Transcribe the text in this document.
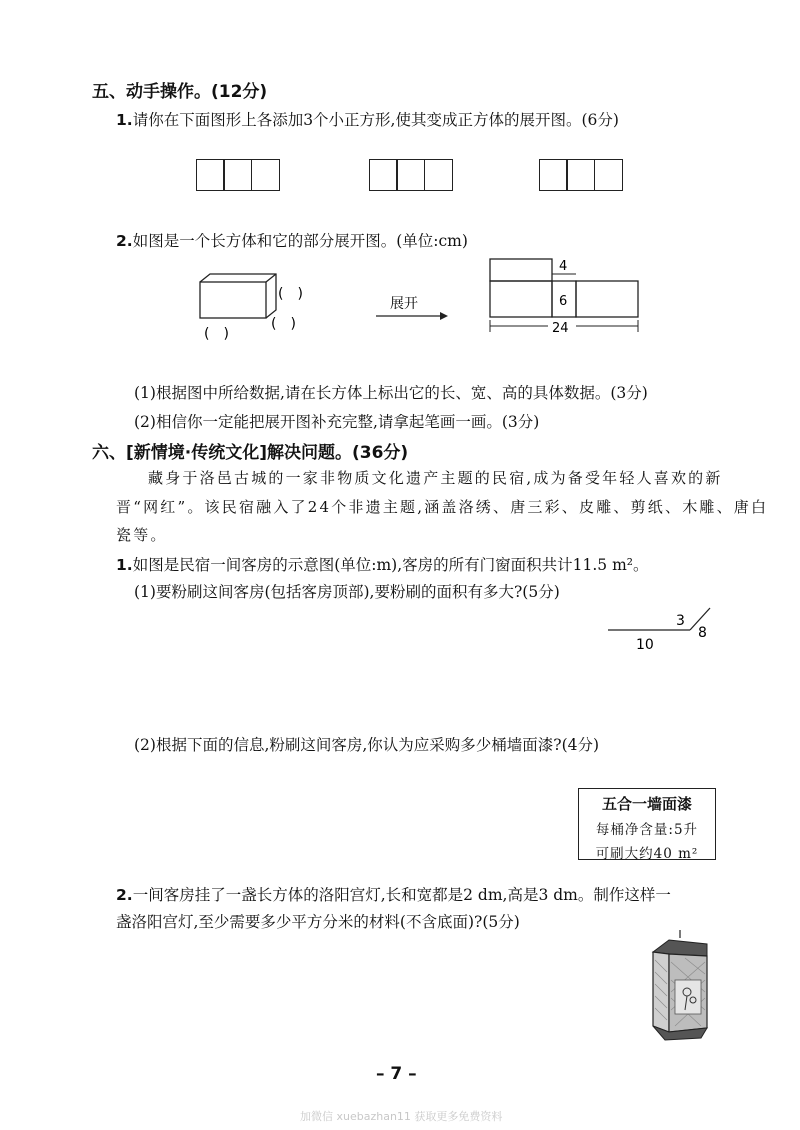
五、动手操作。(12分)
1.请你在下面图形上各添加3个小正方形,使其变成正方体的展开图。(6分)
2.如图是一个长方体和它的部分展开图。(单位:cm)
(　)
(　)
(　)
展开
4
6
24
(1)根据图中所给数据,请在长方体上标出它的长、宽、高的具体数据。(3分)
(2)相信你一定能把展开图补充完整,请拿起笔画一画。(3分)
六、[新情境·传统文化]解决问题。(36分)
藏身于洛邑古城的一家非物质文化遗产主题的民宿,成为备受年轻人喜欢的新
晋“网红”。该民宿融入了24个非遗主题,涵盖洛绣、唐三彩、皮雕、剪纸、木雕、唐白
瓷等。
1.如图是民宿一间客房的示意图(单位:m),客房的所有门窗面积共计11.5 m²。
(1)要粉刷这间客房(包括客房顶部),要粉刷的面积有多大?(5分)
3
8
10
(2)根据下面的信息,粉刷这间客房,你认为应采购多少桶墙面漆?(4分)
五合一墙面漆
每桶净含量:5升
可刷大约40 m²
2.一间客房挂了一盏长方体的洛阳宫灯,长和宽都是2 dm,高是3 dm。制作这样一
盏洛阳宫灯,至少需要多少平方分米的材料(不含底面)?(5分)
– 7 –
加微信 xuebazhan11 获取更多免费资料
